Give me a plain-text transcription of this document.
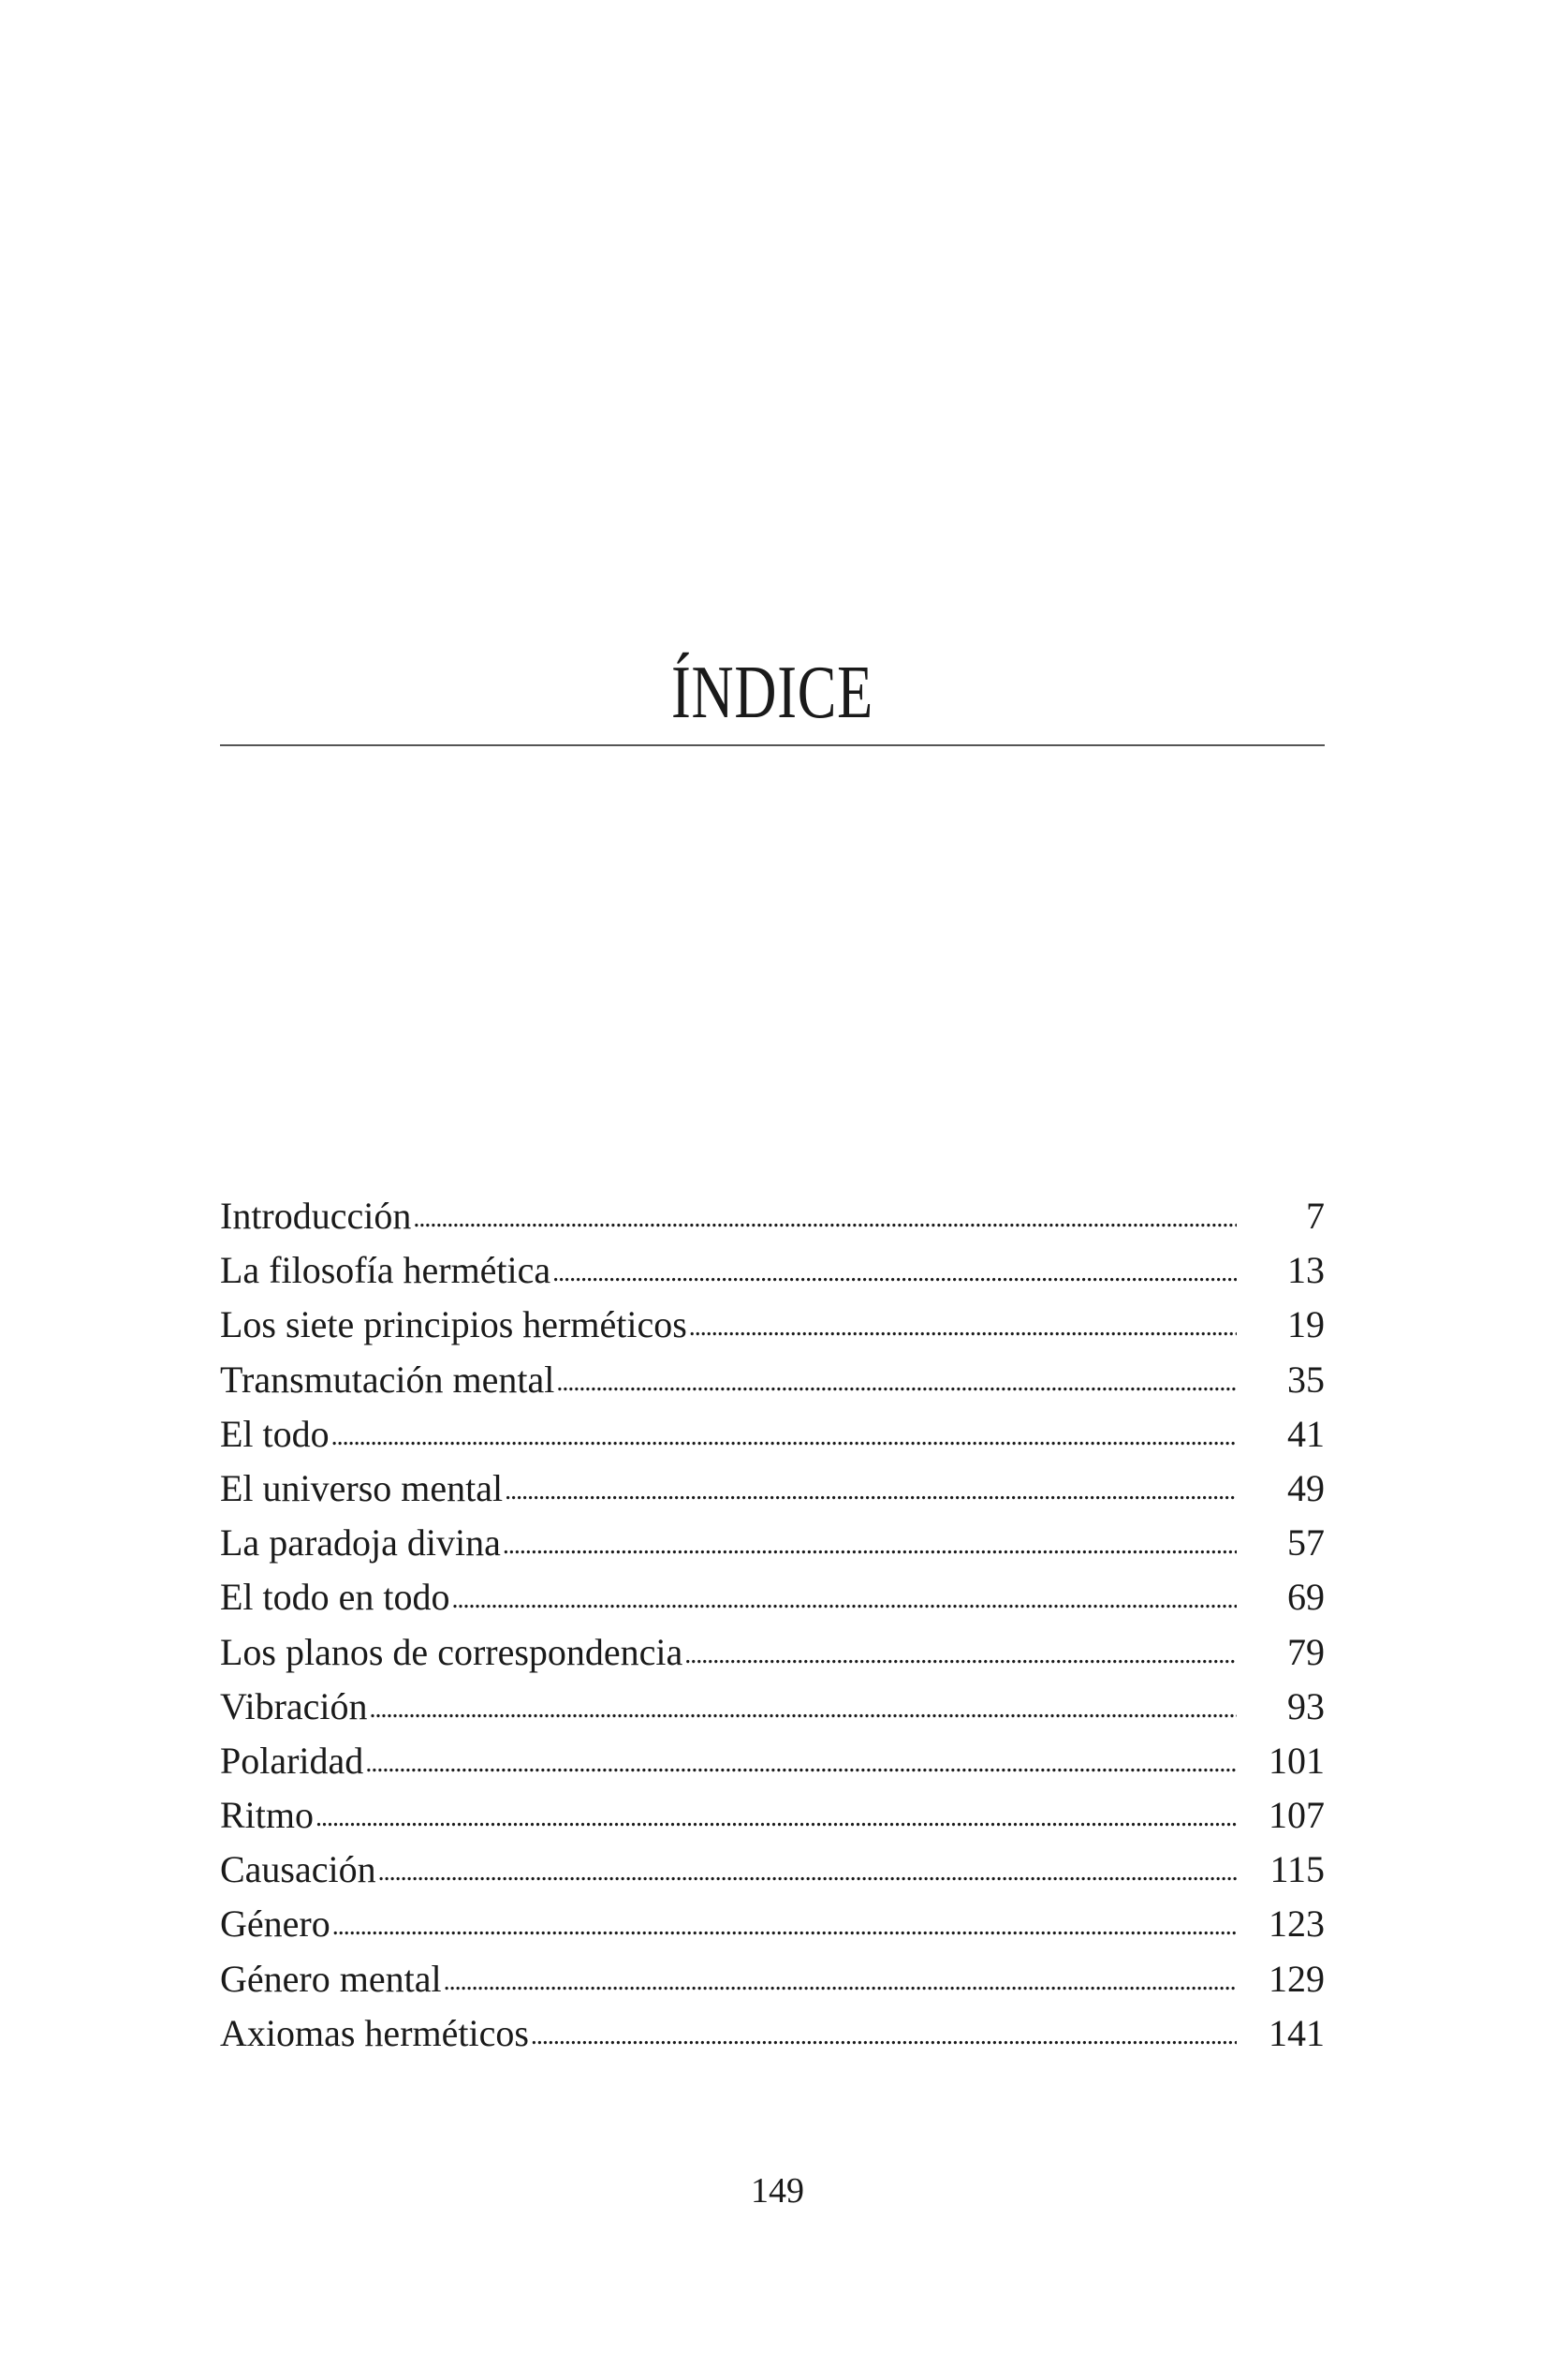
ÍNDICE
Introducción . . .	7
La filosofía hermética . . .	13
Los siete principios herméticos . . .	19
Transmutación mental . . .	35
El todo . . .	41
El universo mental . . .	49
La paradoja divina . . .	57
El todo en todo . . .	69
Los planos de correspondencia . . .	79
Vibración . . .	93
Polaridad . . .	101
Ritmo . . .	107
Causación . . .	115
Género . . .	123
Género mental . . .	129
Axiomas herméticos . . .	141
149
